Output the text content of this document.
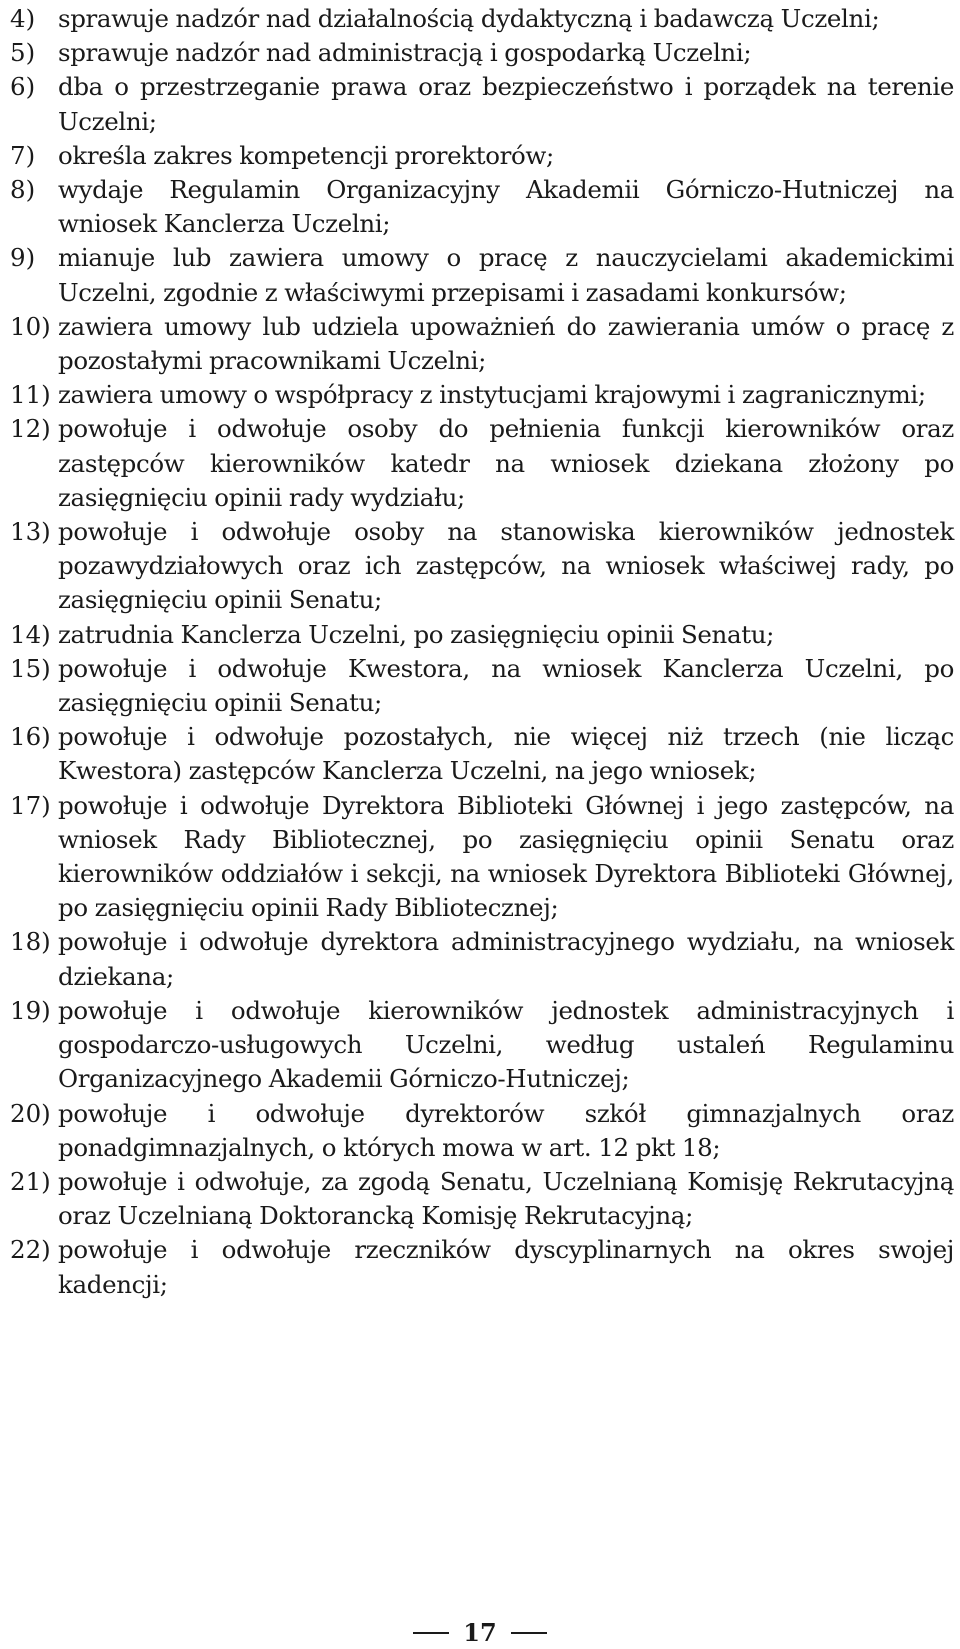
4) sprawuje nadzór nad działalnością dydaktyczną i badawczą Uczelni;
5) sprawuje nadzór nad administracją i gospodarką Uczelni;
6) dba o przestrzeganie prawa oraz bezpieczeństwo i porządek na terenie Uczelni;
7) określa zakres kompetencji prorektorów;
8) wydaje Regulamin Organizacyjny Akademii Górniczo-Hutniczej na wniosek Kanclerza Uczelni;
9) mianuje lub zawiera umowy o pracę z nauczycielami akademickimi Uczelni, zgodnie z właściwymi przepisami i zasadami konkursów;
10) zawiera umowy lub udziela upoważnień do zawierania umów o pracę z pozostałymi pracownikami Uczelni;
11) zawiera umowy o współpracy z instytucjami krajowymi i zagranicznymi;
12) powołuje i odwołuje osoby do pełnienia funkcji kierowników oraz zastępców kierowników katedr na wniosek dziekana złożony po zasięgnięciu opinii rady wydziału;
13) powołuje i odwołuje osoby na stanowiska kierowników jednostek pozawydziałowych oraz ich zastępców, na wniosek właściwej rady, po zasięgnięciu opinii Senatu;
14) zatrudnia Kanclerza Uczelni, po zasięgnięciu opinii Senatu;
15) powołuje i odwołuje Kwestora, na wniosek Kanclerza Uczelni, po zasięgnięciu opinii Senatu;
16) powołuje i odwołuje pozostałych, nie więcej niż trzech (nie licząc Kwestora) zastępców Kanclerza Uczelni, na jego wniosek;
17) powołuje i odwołuje Dyrektora Biblioteki Głównej i jego zastępców, na wniosek Rady Bibliotecznej, po zasięgnięciu opinii Senatu oraz kierowników oddziałów i sekcji, na wniosek Dyrektora Biblioteki Głównej, po zasięgnięciu opinii Rady Bibliotecznej;
18) powołuje i odwołuje dyrektora administracyjnego wydziału, na wniosek dziekana;
19) powołuje i odwołuje kierowników jednostek administracyjnych i gospodarczo-usługowych Uczelni, według ustaleń Regulaminu Organizacyjnego Akademii Górniczo-Hutniczej;
20) powołuje i odwołuje dyrektorów szkół gimnazjalnych oraz ponadgimnazjalnych, o których mowa w art. 12 pkt 18;
21) powołuje i odwołuje, za zgodą Senatu, Uczelnianą Komisję Rekrutacyjną oraz Uczelnianą Doktorancką Komisję Rekrutacyjną;
22) powołuje i odwołuje rzeczników dyscyplinarnych na okres swojej kadencji;
17
